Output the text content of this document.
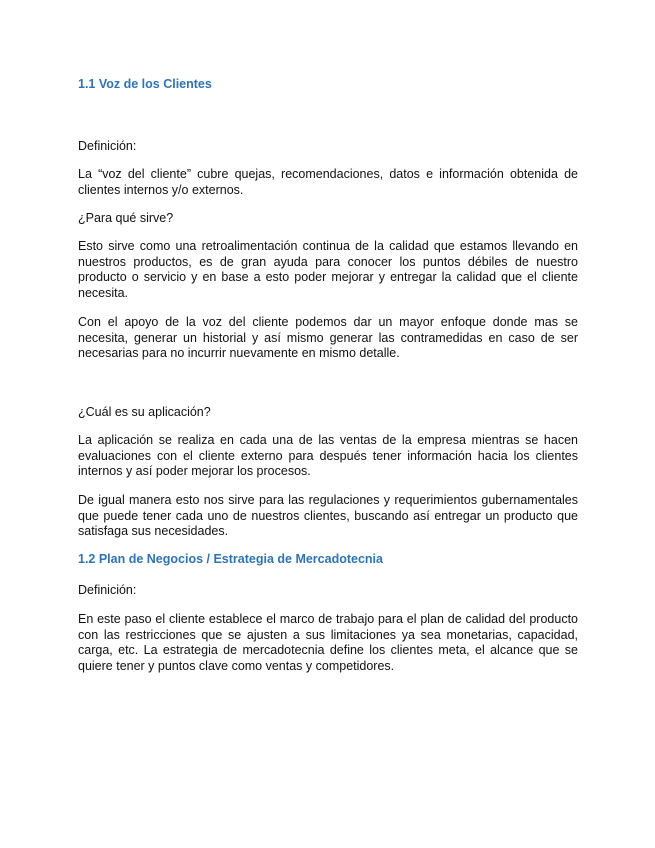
1.1 Voz de los Clientes

Definición:

La “voz del cliente” cubre quejas, recomendaciones, datos e información obtenida de clientes internos y/o externos.

¿Para qué sirve?

Esto sirve como una retroalimentación continua de la calidad que estamos llevando en nuestros productos, es de gran ayuda para conocer los puntos débiles de nuestro producto o servicio y en base a esto poder mejorar y entregar la calidad que el cliente necesita.

Con el apoyo de la voz del cliente podemos dar un mayor enfoque donde mas se necesita, generar un historial y así mismo generar las contramedidas en caso de ser necesarias para no incurrir nuevamente en mismo detalle.

¿Cuál es su aplicación?

La aplicación se realiza en cada una de las ventas de la empresa mientras se hacen evaluaciones con el cliente externo para después tener información hacia los clientes internos y así poder mejorar los procesos.

De igual manera esto nos sirve para las regulaciones y requerimientos gubernamentales que puede tener cada uno de nuestros clientes, buscando así entregar un producto que satisfaga sus necesidades.

1.2 Plan de Negocios / Estrategia de Mercadotecnia

Definición:

En este paso el cliente establece el marco de trabajo para el plan de calidad del producto con las restricciones que se ajusten a sus limitaciones ya sea monetarias, capacidad, carga, etc. La estrategia de mercadotecnia define los clientes meta, el alcance que se quiere tener y puntos clave como ventas y competidores.
